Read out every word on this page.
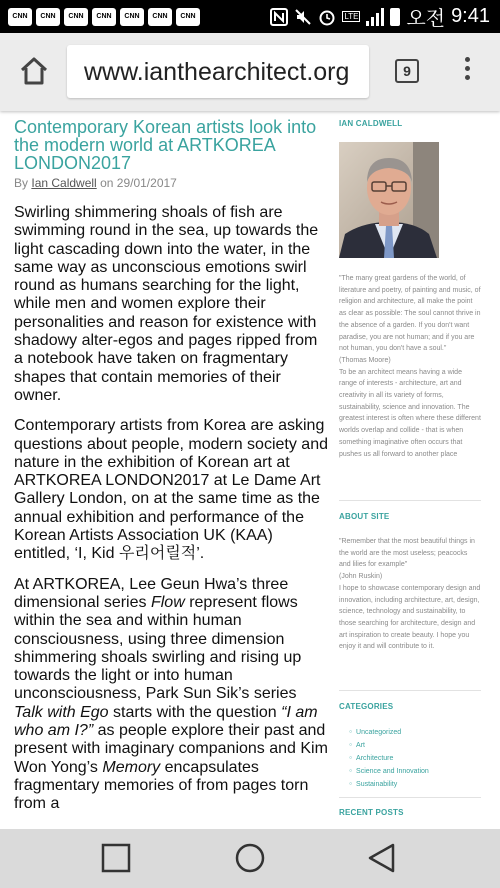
CNN	CNN	CNN	CNN	CNN	CNN	CNN	LTE 오전 9:41
www.ianthearchitect.org	9
Contemporary Korean artists look into the modern world at ARTKOREA LONDON2017
By Ian Caldwell on 29/01/2017

Swirling shimmering shoals of fish are swimming round in the sea, up towards the light cascading down into the water, in the same way as unconscious emotions swirl round as humans searching for the light, while men and women explore their personalities and reason for existence with shadowy alter-egos and pages ripped from a notebook have taken on fragmentary shapes that contain memories of their owner.

Contemporary artists from Korea are asking questions about people, modern society and nature in the exhibition of Korean art at ARTKOREA LONDON2017 at Le Dame Art Gallery London, on at the same time as the annual exhibition and performance of the Korean Artists Association UK (KAA) entitled, ‘I, Kid 우리어릴적’.

At ARTKOREA, Lee Geun Hwa’s three dimensional series Flow represent flows within the sea and within human consciousness, using three dimension shimmering shoals swirling and rising up towards the light or into human unconsciousness, Park Sun Sik’s series Talk with Ego starts with the question “I am who am I?” as people explore their past and present with imaginary companions and Kim Won Yong’s Memory encapsulates fragmentary memories of from pages torn from a

IAN CALDWELL
"The many great gardens of the world, of literature and poetry, of painting and music, of religion and architecture, all make the point as clear as possible: The soul cannot thrive in the absence of a garden. If you don't want paradise, you are not human; and if you are not human, you don't have a soul."
(Thomas Moore)
To be an architect means having a wide range of interests - architecture, art and creativity in all its variety of forms, sustainability, science and innovation. The greatest interest is often where these different worlds overlap and collide - that is when something imaginative often occurs that pushes us all forward to another place
ABOUT SITE
"Remember that the most beautiful things in the world are the most useless; peacocks and lilies for example"
(John Ruskin)
I hope to showcase contemporary design and innovation, including architecture, art, design, science, technology and sustainability, to those searching for architecture, design and art inspiration to create beauty. I hope you enjoy it and will contribute to it.
CATEGORIES
○ Uncategorized
○ Art
○ Architecture
○ Science and Innovation
○ Sustainability
RECENT POSTS
